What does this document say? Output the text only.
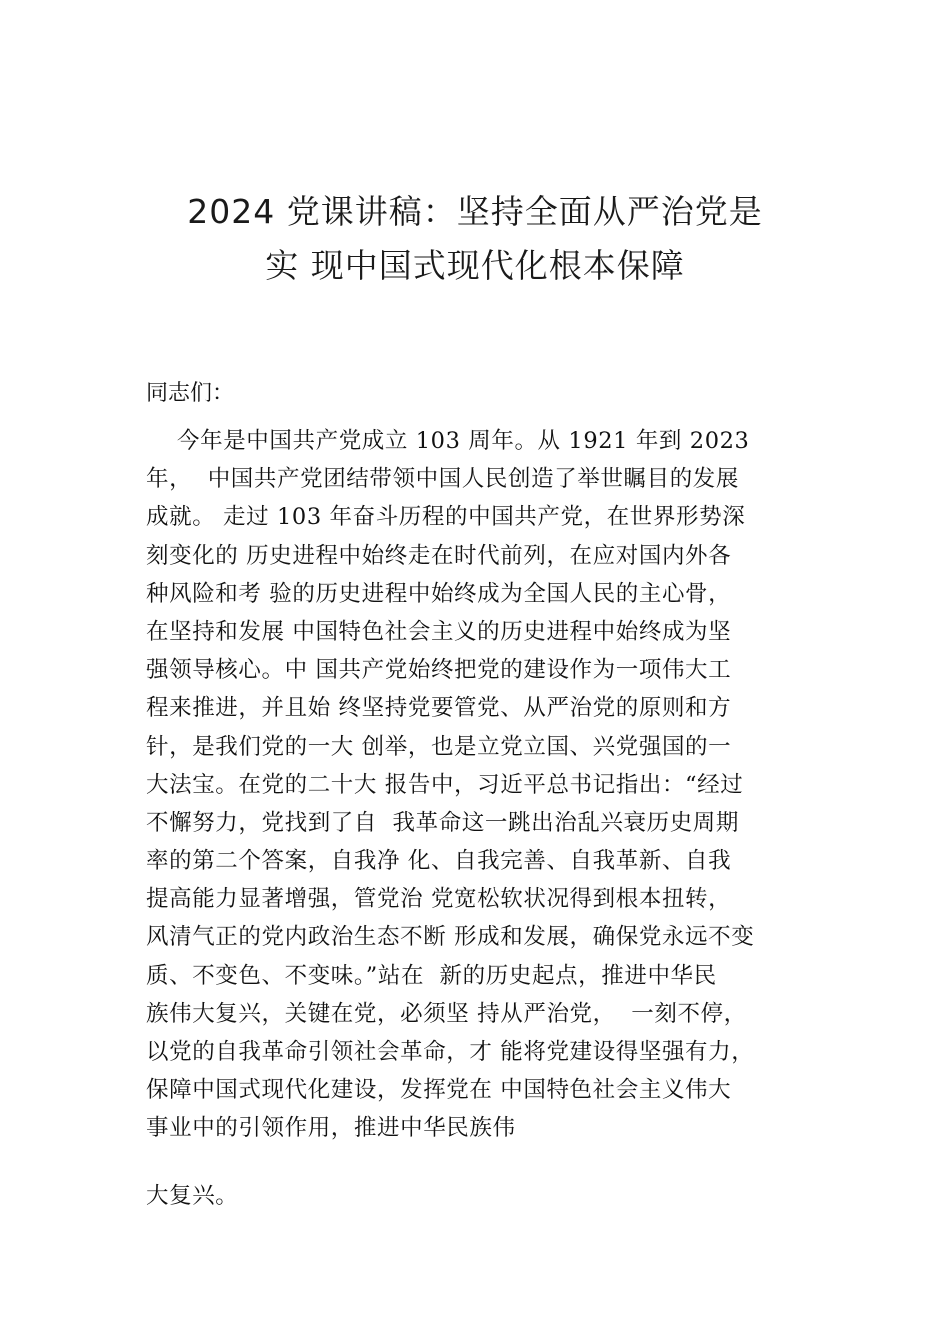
2024 党课讲稿：坚持全面从严治党是
实 现中国式现代化根本保障
同志们：
今年是中国共产党成立 103 周年。从 1921 年到 2023
年，  中国共产党团结带领中国人民创造了举世瞩目的发展
成就。 走过 103 年奋斗历程的中国共产党，在世界形势深
刻变化的 历史进程中始终走在时代前列，在应对国内外各
种风险和考 验的历史进程中始终成为全国人民的主心骨，
在坚持和发展 中国特色社会主义的历史进程中始终成为坚
强领导核心。中 国共产党始终把党的建设作为一项伟大工
程来推进，并且始 终坚持党要管党、从严治党的原则和方
针，是我们党的一大 创举，也是立党立国、兴党强国的一
大法宝。在党的二十大 报告中，习近平总书记指出：“经过
不懈努力，党找到了自  我革命这一跳出治乱兴衰历史周期
率的第二个答案，自我净 化、自我完善、自我革新、自我
提高能力显著增强，管党治 党宽松软状况得到根本扭转，
风清气正的党内政治生态不断 形成和发展，确保党永远不变
质、不变色、不变味。”站在  新的历史起点，推进中华民
族伟大复兴，关键在党，必须坚 持从严治党，  一刻不停，
以党的自我革命引领社会革命，才 能将党建设得坚强有力，
保障中国式现代化建设，发挥党在 中国特色社会主义伟大
事业中的引领作用，推进中华民族伟
大复兴。
